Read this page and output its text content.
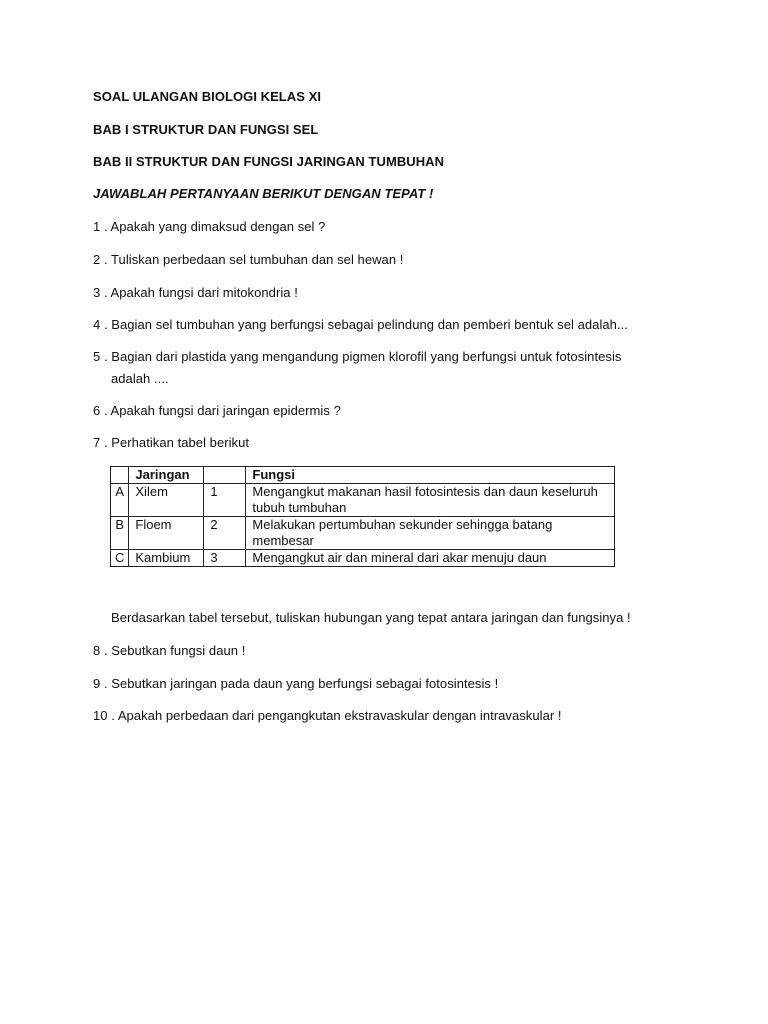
SOAL ULANGAN BIOLOGI KELAS XI
BAB I STRUKTUR DAN FUNGSI SEL
BAB II STRUKTUR DAN FUNGSI JARINGAN TUMBUHAN
JAWABLAH PERTANYAAN BERIKUT DENGAN TEPAT !
1 . Apakah yang dimaksud dengan sel ?
2 . Tuliskan perbedaan sel tumbuhan dan sel hewan !
3 . Apakah fungsi dari mitokondria !
4 . Bagian sel tumbuhan yang berfungsi sebagai pelindung dan pemberi bentuk sel adalah...
5 . Bagian dari plastida yang mengandung pigmen klorofil yang berfungsi untuk fotosintesis
adalah ....
6 . Apakah fungsi dari jaringan epidermis ?
7 . Perhatikan tabel berikut
	Jaringan		Fungsi
A	Xilem	1	Mengangkut makanan hasil fotosintesis dan daun keseluruh tubuh tumbuhan
B	Floem	2	Melakukan pertumbuhan sekunder sehingga batang membesar
C	Kambium	3	Mengangkut air dan mineral dari akar menuju daun
Berdasarkan tabel tersebut, tuliskan hubungan yang tepat antara jaringan dan fungsinya !
8 . Sebutkan fungsi daun !
9 . Sebutkan jaringan pada daun yang berfungsi sebagai fotosintesis !
10 . Apakah perbedaan dari pengangkutan ekstravaskular dengan intravaskular !
